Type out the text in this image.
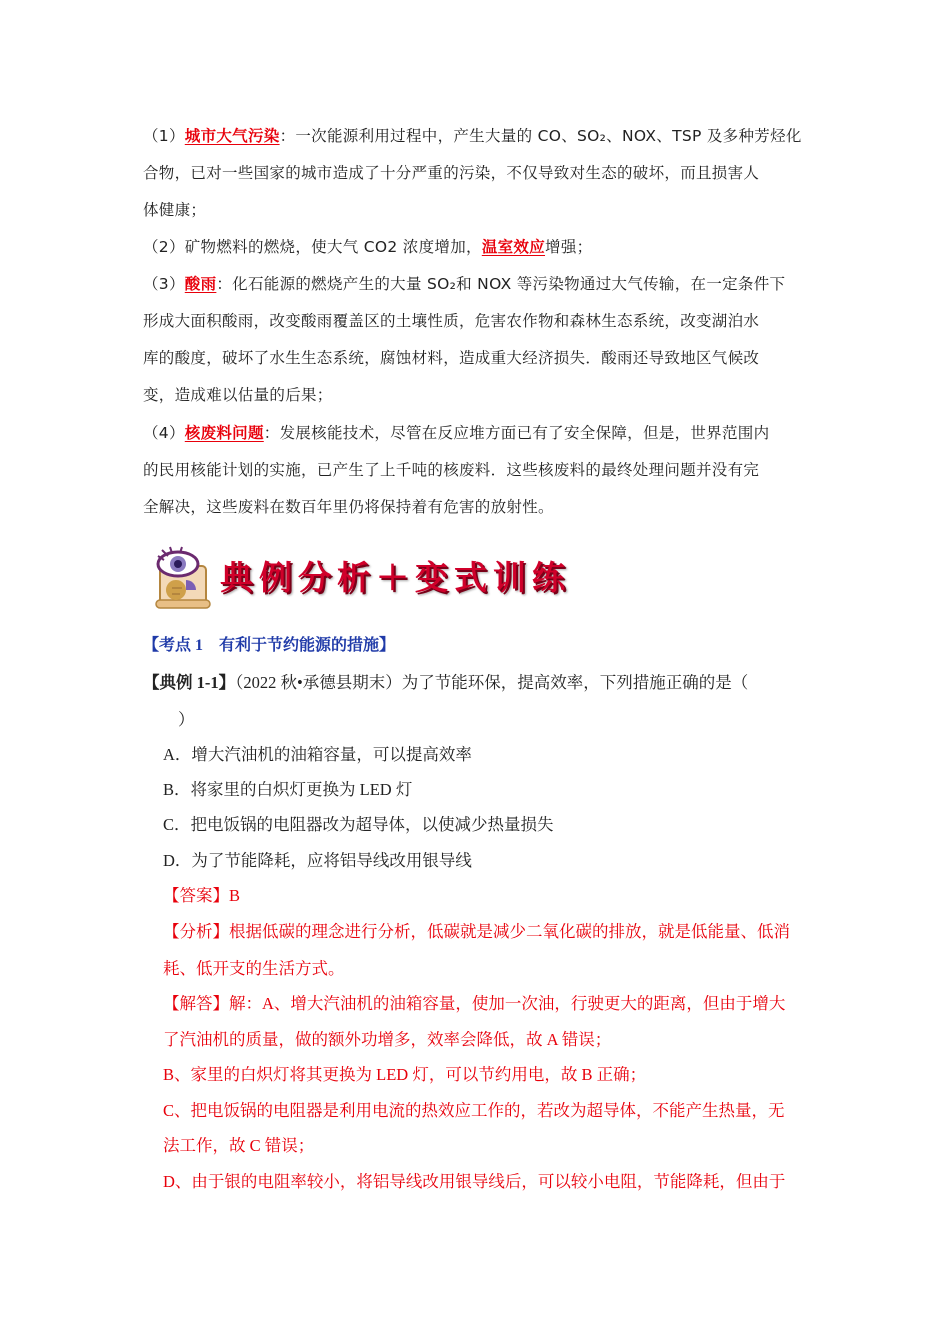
（1）城市大气污染：一次能源利用过程中，产生大量的 CO、SO₂、NOX、TSP 及多种芳烃化
合物，已对一些国家的城市造成了十分严重的污染，不仅导致对生态的破坏，而且损害人
体健康；
（2）矿物燃料的燃烧，使大气 CO2 浓度增加，温室效应增强；
（3）酸雨：化石能源的燃烧产生的大量 SO₂和 NOX 等污染物通过大气传输，在一定条件下
形成大面积酸雨，改变酸雨覆盖区的土壤性质，危害农作物和森林生态系统，改变湖泊水
库的酸度，破坏了水生生态系统，腐蚀材料，造成重大经济损失．酸雨还导致地区气候改
变，造成难以估量的后果；
（4）核废料问题：发展核能技术，尽管在反应堆方面已有了安全保障，但是，世界范围内
的民用核能计划的实施，已产生了上千吨的核废料．这些核废料的最终处理问题并没有完
全解决，这些废料在数百年里仍将保持着有危害的放射性。
典例分析＋变式训练
【考点 1　有利于节约能源的措施】
【典例 1-1】（2022 秋•承德县期末）为了节能环保，提高效率，下列措施正确的是（
）
A．增大汽油机的油箱容量，可以提高效率
B．将家里的白炽灯更换为 LED 灯
C．把电饭锅的电阻器改为超导体，以使减少热量损失
D．为了节能降耗，应将铝导线改用银导线
【答案】B
【分析】根据低碳的理念进行分析，低碳就是减少二氧化碳的排放，就是低能量、低消
耗、低开支的生活方式。
【解答】解：A、增大汽油机的油箱容量，使加一次油，行驶更大的距离，但由于增大
了汽油机的质量，做的额外功增多，效率会降低，故 A 错误；
B、家里的白炽灯将其更换为 LED 灯，可以节约用电，故 B 正确；
C、把电饭锅的电阻器是利用电流的热效应工作的，若改为超导体，不能产生热量，无
法工作，故 C 错误；
D、由于银的电阻率较小，将铝导线改用银导线后，可以较小电阻，节能降耗，但由于
